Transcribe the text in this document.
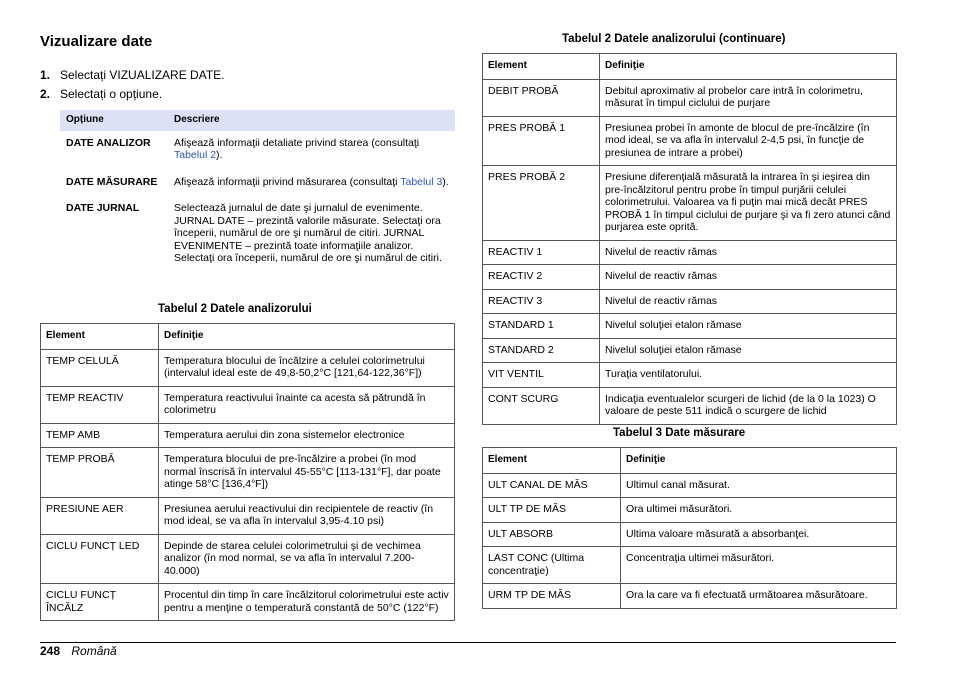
Vizualizare date
1. Selectați VIZUALIZARE DATE.
2. Selectați o opțiune.
Opțiune	Descriere
DATE ANALIZOR	Afişează informaţii detaliate privind starea (consultaţi Tabelul 2).
DATE MĂSURARE	Afişează informaţii privind măsurarea (consultaţi Tabelul 3).
DATE JURNAL	Selectează jurnalul de date şi jurnalul de evenimente. JURNAL DATE – prezintă valorile măsurate. Selectaţi ora începerii, numărul de ore şi numărul de citiri. JURNAL EVENIMENTE – prezintă toate informaţiile analizor. Selectaţi ora începerii, numărul de ore şi numărul de citiri.
Tabelul 2 Datele analizorului
Element	Definiţie
TEMP CELULĂ	Temperatura blocului de încălzire a celulei colorimetrului (intervalul ideal este de 49,8-50,2°C [121,64-122,36°F])
TEMP REACTIV	Temperatura reactivului înainte ca acesta să pătrundă în colorimetru
TEMP AMB	Temperatura aerului din zona sistemelor electronice
TEMP PROBĂ	Temperatura blocului de pre-încălzire a probei (în mod normal înscrisă în intervalul 45-55°C [113-131°F], dar poate atinge 58°C [136,4°F])
PRESIUNE AER	Presiunea aerului reactivului din recipientele de reactiv (în mod ideal, se va afla în intervalul 3,95-4.10 psi)
CICLU FUNCȚ LED	Depinde de starea celulei colorimetrului şi de vechimea analizor (în mod normal, se va afla în intervalul 7.200-40.000)
CICLU FUNCȚ ÎNCĂLZ	Procentul din timp în care încălzitorul colorimetrului este activ pentru a menţine o temperatură constantă de 50°C (122°F)
Tabelul 2 Datele analizorului (continuare)
Element	Definiţie
DEBIT PROBĂ	Debitul aproximativ al probelor care intră în colorimetru, măsurat în timpul ciclului de purjare
PRES PROBĂ 1	Presiunea probei în amonte de blocul de pre-încălzire (în mod ideal, se va afla în intervalul 2-4,5 psi, în funcţie de presiunea de intrare a probei)
PRES PROBĂ 2	Presiune diferenţială măsurată la intrarea în şi ieşirea din pre-încălzitorul pentru probe în timpul purjării celulei colorimetrului. Valoarea va fi puţin mai mică decât PRES PROBĂ 1 în timpul ciclului de purjare şi va fi zero atunci când purjarea este oprită.
REACTIV 1	Nivelul de reactiv rămas
REACTIV 2	Nivelul de reactiv rămas
REACTIV 3	Nivelul de reactiv rămas
STANDARD 1	Nivelul soluţiei etalon rămase
STANDARD 2	Nivelul soluţiei etalon rămase
VIT VENTIL	Turaţia ventilatorului.
CONT SCURG	Indicaţia eventualelor scurgeri de lichid (de la 0 la 1023) O valoare de peste 511 indică o scurgere de lichid
Tabelul 3 Date măsurare
Element	Definiţie
ULT CANAL DE MĂS	Ultimul canal măsurat.
ULT TP DE MĂS	Ora ultimei măsurători.
ULT ABSORB	Ultima valoare măsurată a absorbanţei.
LAST CONC (Ultima concentraţie)	Concentraţia ultimei măsurători.
URM TP DE MĂS	Ora la care va fi efectuată următoarea măsurătoare.
248 Română
